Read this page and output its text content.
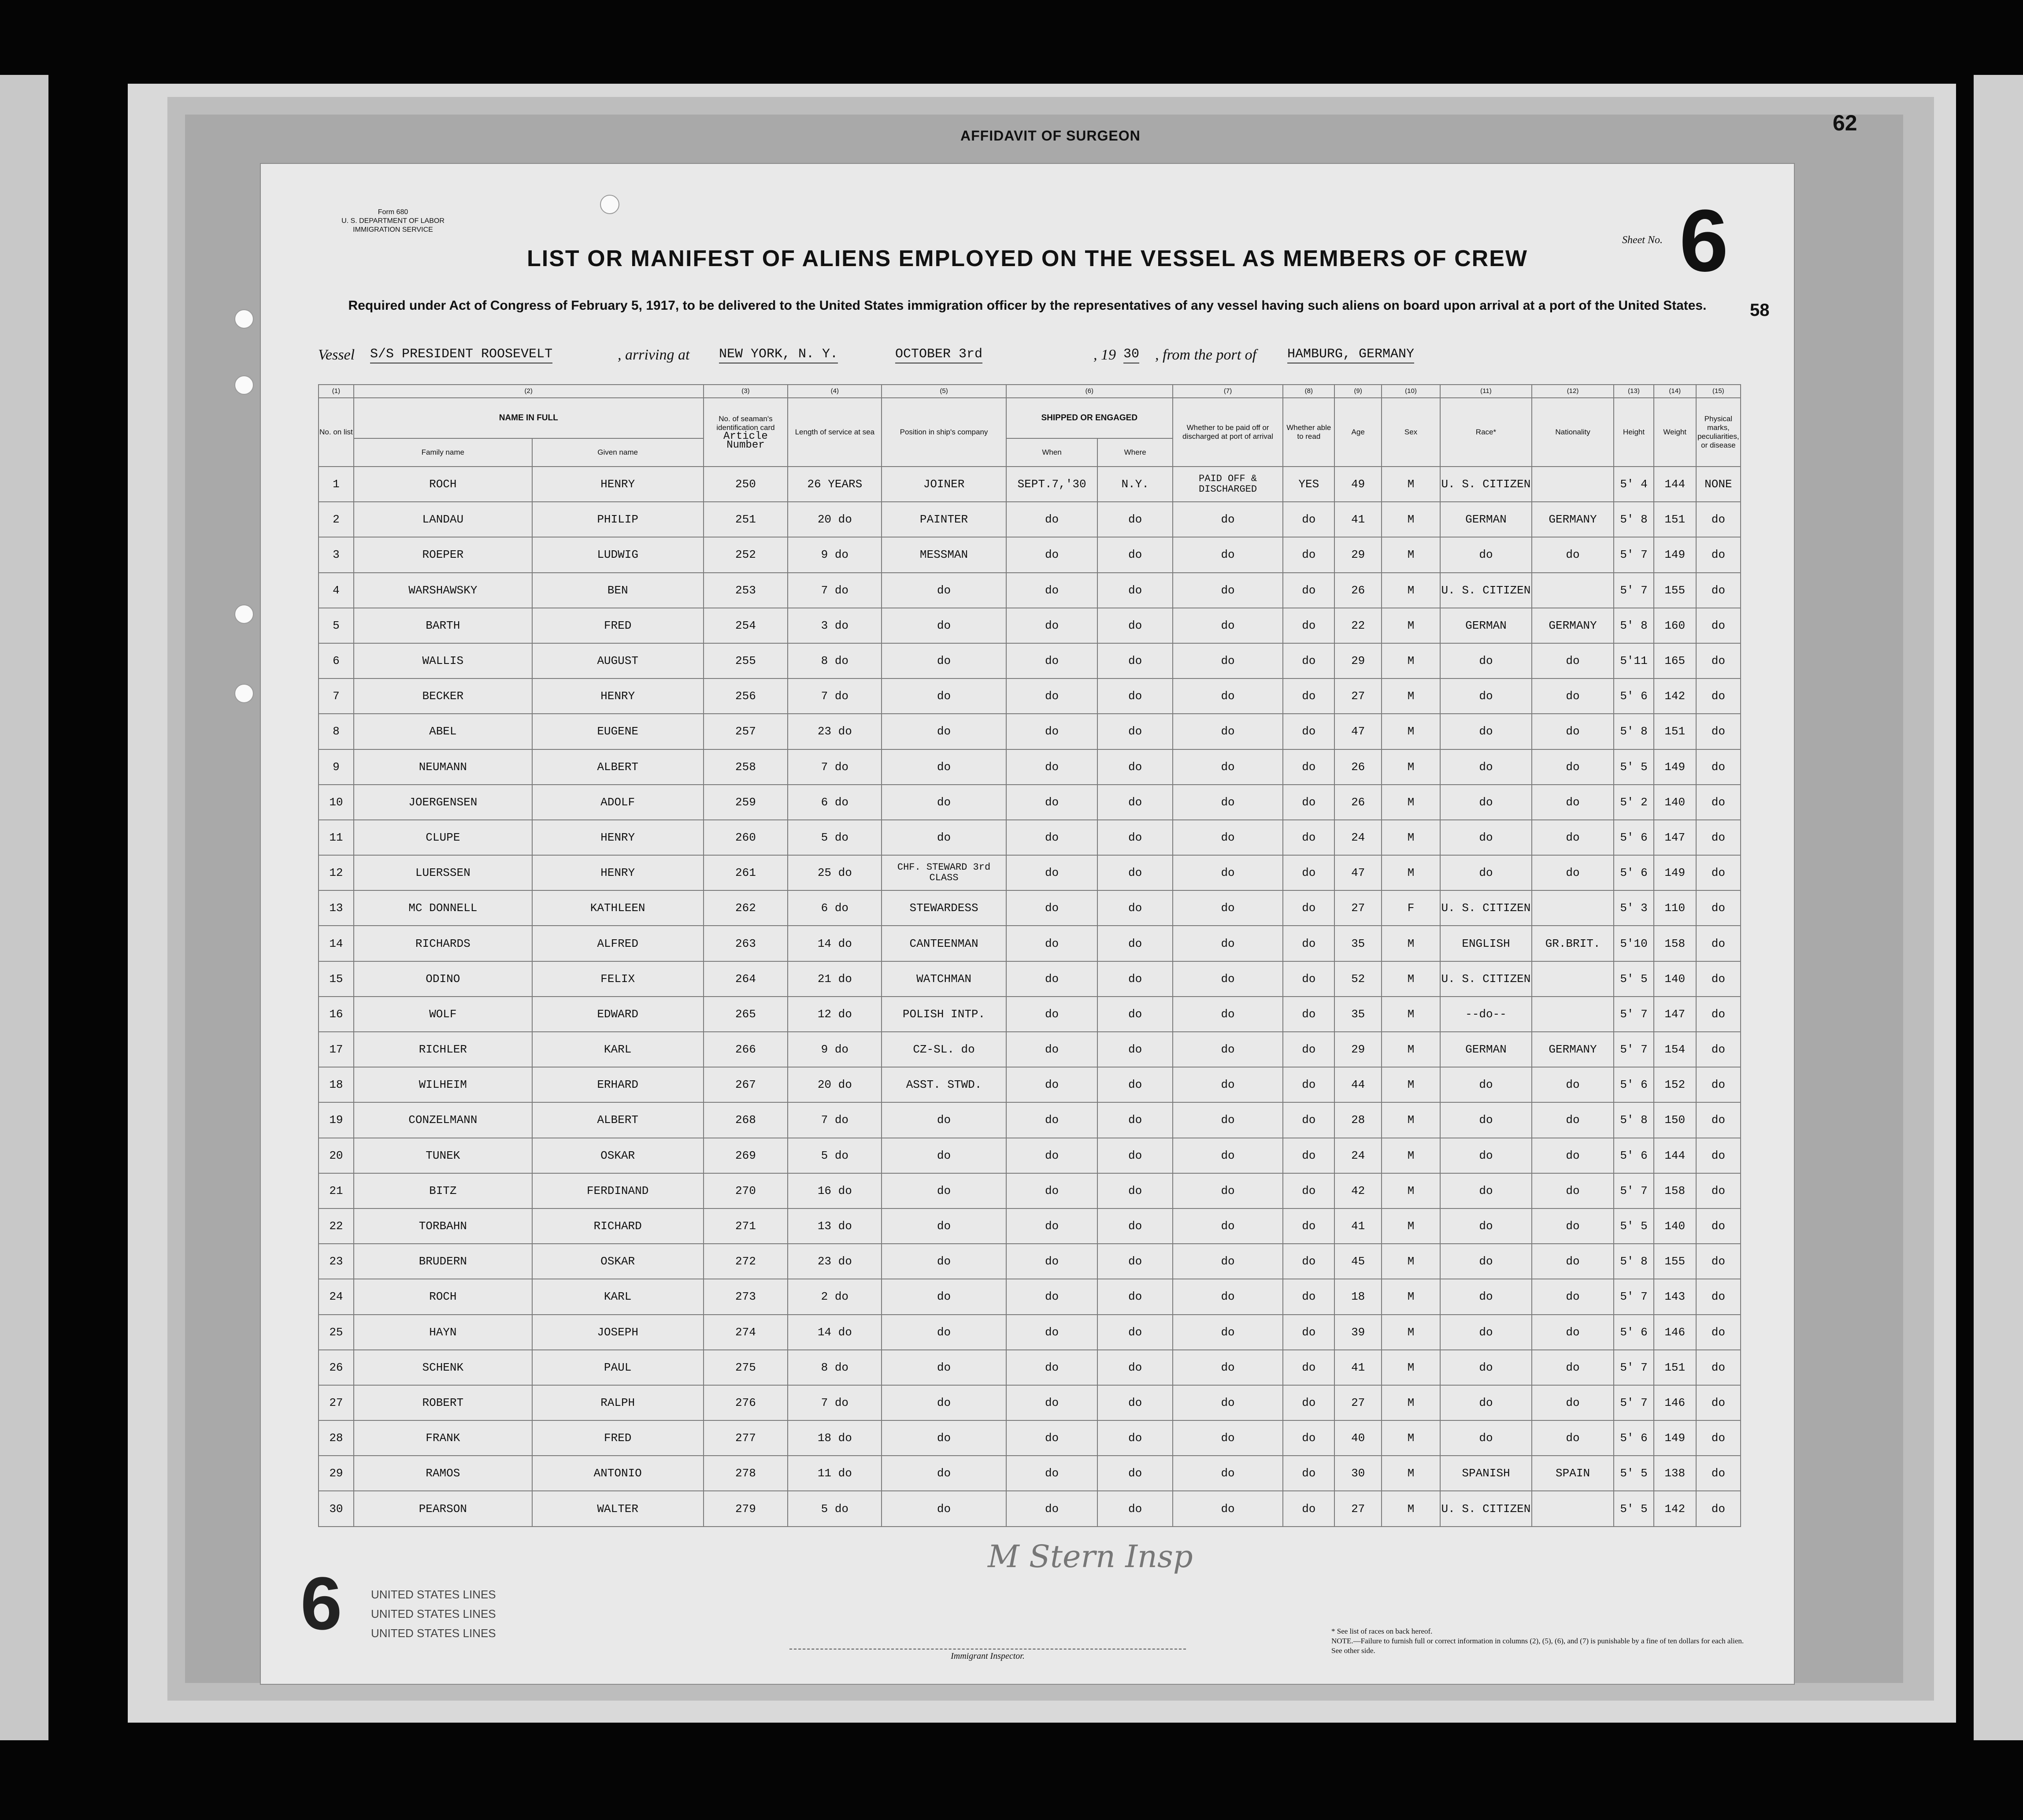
AFFIDAVIT OF SURGEON
62
Form 680
U. S. DEPARTMENT OF LABOR
IMMIGRATION SERVICE
LIST OR MANIFEST OF ALIENS EMPLOYED ON THE VESSEL AS MEMBERS OF CREW
Required under Act of Congress of February 5, 1917, to be delivered to the United States immigration officer by the representatives of any vessel having such aliens on board upon arrival at a port of the United States.
Sheet No. 6
58
Vessel S/S PRESIDENT ROOSEVELT	, arriving at NEW YORK, N. Y.	OCTOBER 3rd	, 19 30 , from the port of HAMBURG, GERMANY
(1)	(2)		(3)	(4)	(5)	(6)		(7)	(8)	(9)	(10)	(11)	(12)	(13)	(14)	(15)
No. on list	NAME IN FULL		No. of seaman's identification card
Article Number	Length of service at sea	Position in ship's company	SHIPPED OR ENGAGED		Whether to be paid off or discharged at port of arrival	Whether able to read	Age	Sex	Race*	Nationality	Height	Weight	Physical marks, peculiarities, or disease
	Family name	Given name				When	Where									
1	ROCH	HENRY	250	26 YEARS	JOINER	SEPT.7,'30	N.Y.	PAID OFF & DISCHARGED	YES	49	M	U. S. CITIZEN		5' 4	144	NONE
2	LANDAU	PHILIP	251	20 do	PAINTER	do	do	do	do	41	M	GERMAN	GERMANY	5' 8	151	do
3	ROEPER	LUDWIG	252	9 do	MESSMAN	do	do	do	do	29	M	do	do	5' 7	149	do
4	WARSHAWSKY	BEN	253	7 do	do	do	do	do	do	26	M	U. S. CITIZEN		5' 7	155	do
5	BARTH	FRED	254	3 do	do	do	do	do	do	22	M	GERMAN	GERMANY	5' 8	160	do
6	WALLIS	AUGUST	255	8 do	do	do	do	do	do	29	M	do	do	5'11	165	do
7	BECKER	HENRY	256	7 do	do	do	do	do	do	27	M	do	do	5' 6	142	do
8	ABEL	EUGENE	257	23 do	do	do	do	do	do	47	M	do	do	5' 8	151	do
9	NEUMANN	ALBERT	258	7 do	do	do	do	do	do	26	M	do	do	5' 5	149	do
10	JOERGENSEN	ADOLF	259	6 do	do	do	do	do	do	26	M	do	do	5' 2	140	do
11	CLUPE	HENRY	260	5 do	do	do	do	do	do	24	M	do	do	5' 6	147	do
12	LUERSSEN	HENRY	261	25 do	CHF. STEWARD 3rd CLASS	do	do	do	do	47	M	do	do	5' 6	149	do
13	MC DONNELL	KATHLEEN	262	6 do	STEWARDESS	do	do	do	do	27	F	U. S. CITIZEN		5' 3	110	do
14	RICHARDS	ALFRED	263	14 do	CANTEENMAN	do	do	do	do	35	M	ENGLISH	GR.BRIT.	5'10	158	do
15	ODINO	FELIX	264	21 do	WATCHMAN	do	do	do	do	52	M	U. S. CITIZEN		5' 5	140	do
16	WOLF	EDWARD	265	12 do	POLISH INTP.	do	do	do	do	35	M	--do--		5' 7	147	do
17	RICHLER	KARL	266	9 do	CZ-SL. do	do	do	do	do	29	M	GERMAN	GERMANY	5' 7	154	do
18	WILHEIM	ERHARD	267	20 do	ASST. STWD.	do	do	do	do	44	M	do	do	5' 6	152	do
19	CONZELMANN	ALBERT	268	7 do	do	do	do	do	do	28	M	do	do	5' 8	150	do
20	TUNEK	OSKAR	269	5 do	do	do	do	do	do	24	M	do	do	5' 6	144	do
21	BITZ	FERDINAND	270	16 do	do	do	do	do	do	42	M	do	do	5' 7	158	do
22	TORBAHN	RICHARD	271	13 do	do	do	do	do	do	41	M	do	do	5' 5	140	do
23	BRUDERN	OSKAR	272	23 do	do	do	do	do	do	45	M	do	do	5' 8	155	do
24	ROCH	KARL	273	2 do	do	do	do	do	do	18	M	do	do	5' 7	143	do
25	HAYN	JOSEPH	274	14 do	do	do	do	do	do	39	M	do	do	5' 6	146	do
26	SCHENK	PAUL	275	8 do	do	do	do	do	do	41	M	do	do	5' 7	151	do
27	ROBERT	RALPH	276	7 do	do	do	do	do	do	27	M	do	do	5' 7	146	do
28	FRANK	FRED	277	18 do	do	do	do	do	do	40	M	do	do	5' 6	149	do
29	RAMOS	ANTONIO	278	11 do	do	do	do	do	do	30	M	SPANISH	SPAIN	5' 5	138	do
30	PEARSON	WALTER	279	5 do	do	do	do	do	do	27	M	U. S. CITIZEN		5' 5	142	do
M Stern Insp
6	UNITED STATES LINES
UNITED STATES LINES
UNITED STATES LINES
Immigrant Inspector.
* See list of races on back hereof.
NOTE.—Failure to furnish full or correct information in columns (2), (5), (6), and (7) is punishable by a fine of ten dollars for each alien. See other side.
